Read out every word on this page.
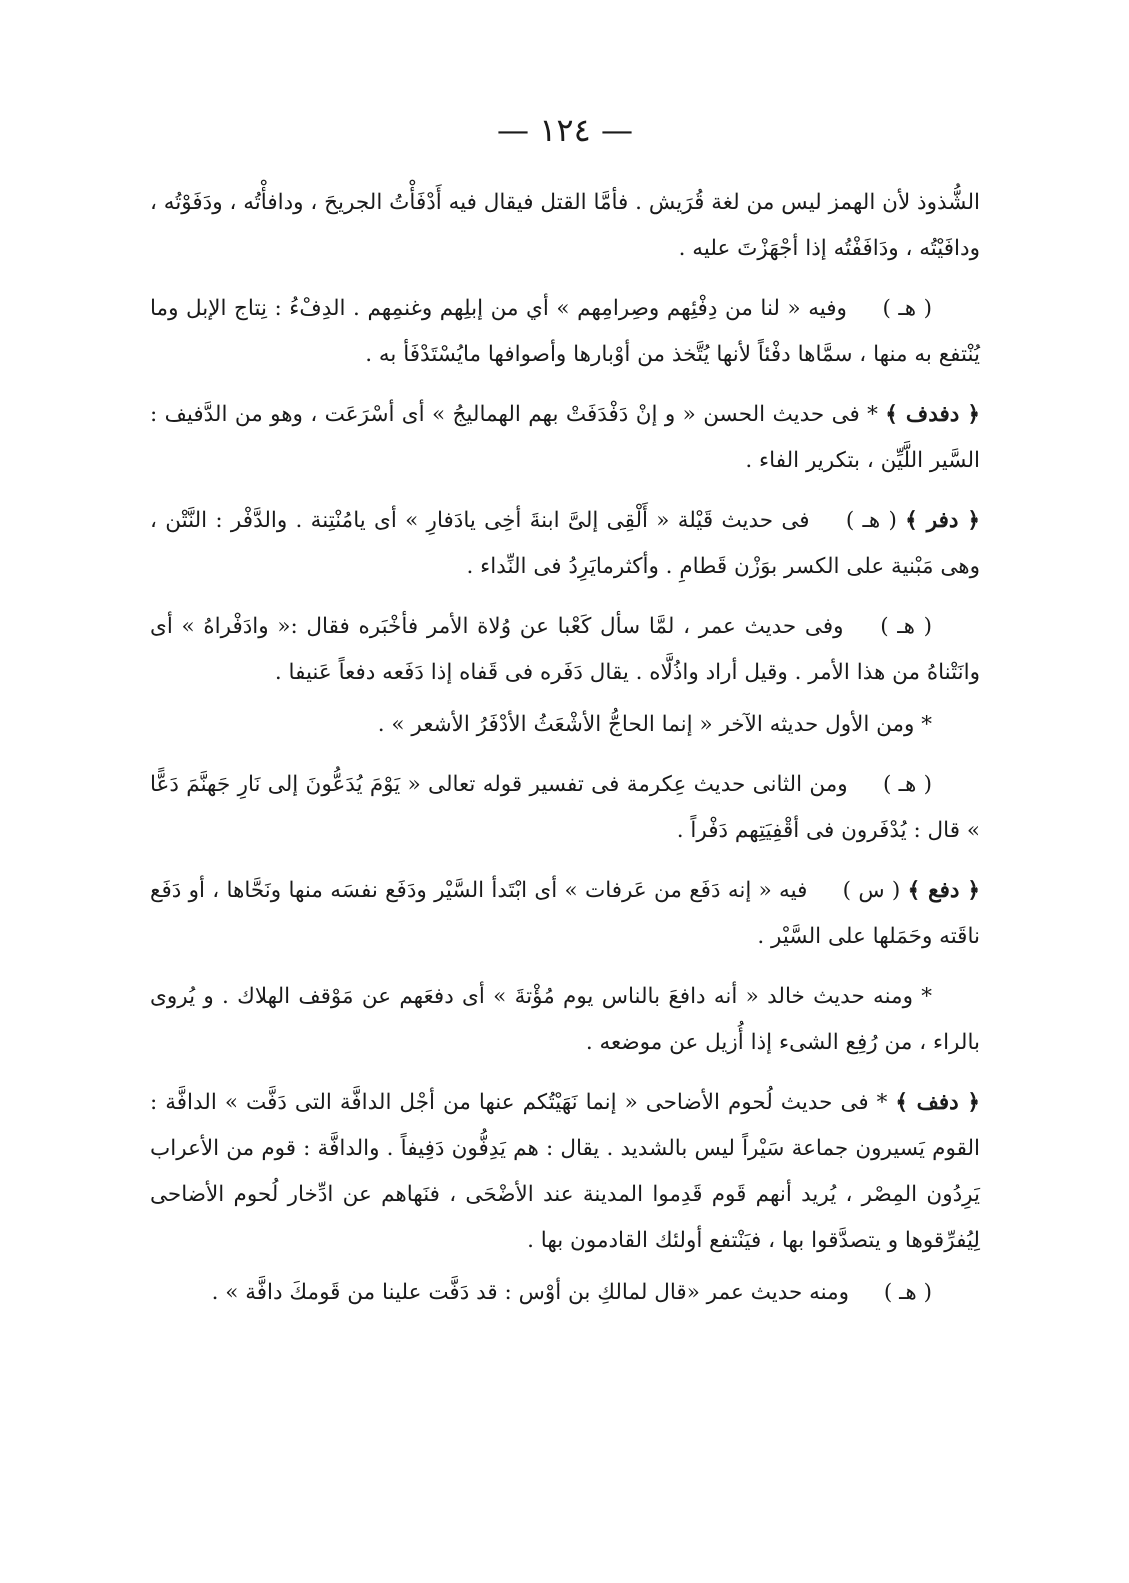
— ١٢٤ —

الشُّذوذ لأن الهمز ليس من لغة قُرَيش . فأمَّا القتل فيقال فيه أَدْفَأْتُ الجريحَ ، ودافأْتُه ، ودَفَوْتُه ، ودافَيْتُه ، ودَافَفْتُه إذا أجْهَزْتَ عليه .

( هـ ) وفيه « لنا من دِفْئِهم وصِرامِهم » أي من إبلِهم وغنمِهم . الدِفْءُ : نِتاج الإبل وما يُنْتفع به منها ، سمَّاها دفْئاً لأنها يُتَّخذ من أوْبارها وأصوافها مايُسْتَدْفَأ به .

﴿ دفدف ﴾ * فى حديث الحسن « و إنْ دَفْدَفَتْ بهم الهماليجُ » أى أسْرَعَت ، وهو من الدَّفيف : السَّير اللَّيِّن ، بتكرير الفاء .

﴿ دفر ﴾ ( هـ ) فى حديث قَيْلة « أَلْقِى إلىَّ ابنةَ أخِى يادَفارِ » أى يامُنْتِنة . والدَّفْر : النَّتْن ، وهى مَبْنية على الكسر بوَزْن قَطامِ . وأكثرمايَرِدُ فى النِّداء .

( هـ ) وفى حديث عمر ، لمَّا سأل كَعْبا عن وُلاة الأمر فأخْبَره فقال :« وادَفْراهُ » أى وانَتْناهُ من هذا الأمر . وقيل أراد واذُلَّاه . يقال دَفَره فى قَفاه إذا دَفَعه دفعاً عَنيفا .

* ومن الأول حديثه الآخر « إنما الحاجُّ الأشْعَثُ الأدْفَرُ الأشعر » .

( هـ ) ومن الثانى حديث عِكرمة فى تفسير قوله تعالى « يَوْمَ يُدَعُّونَ إلى نَارِ جَهنَّمَ دَعًّا » قال : يُدْفَرون فى أقْفِيَتِهم دَفْراً .

﴿ دفع ﴾ ( س ) فيه « إنه دَفَع من عَرفات » أى ابْتَدأ السَّيْر ودَفَع نفسَه منها ونَحَّاها ، أو دَفَع ناقَته وحَمَلها على السَّيْر .

* ومنه حديث خالد « أنه دافعَ بالناس يوم مُؤْتةَ » أى دفعَهم عن مَوْقف الهلاك . و يُروى بالراء ، من رُفِع الشىء إذا أُزيل عن موضعه .

﴿ دفف ﴾ * فى حديث لُحوم الأضاحى « إنما نَهَيْتُكم عنها من أجْل الدافَّة التى دَفَّت » الدافَّة : القوم يَسيرون جماعة سَيْراً ليس بالشديد . يقال : هم يَدِفُّون دَفِيفاً . والدافَّة : قوم من الأعراب يَرِدُون المِصْر ، يُريد أنهم قَوم قَدِموا المدينة عند الأضْحَى ، فنَهاهم عن ادِّخار لُحوم الأضاحى لِيُفرِّقوها و يتصدَّقوا بها ، فيَنْتفع أولئك القادمون بها .

( هـ ) ومنه حديث عمر «قال لمالكِ بن أوْس : قد دَفَّت علينا من قَومكَ دافَّة » .
